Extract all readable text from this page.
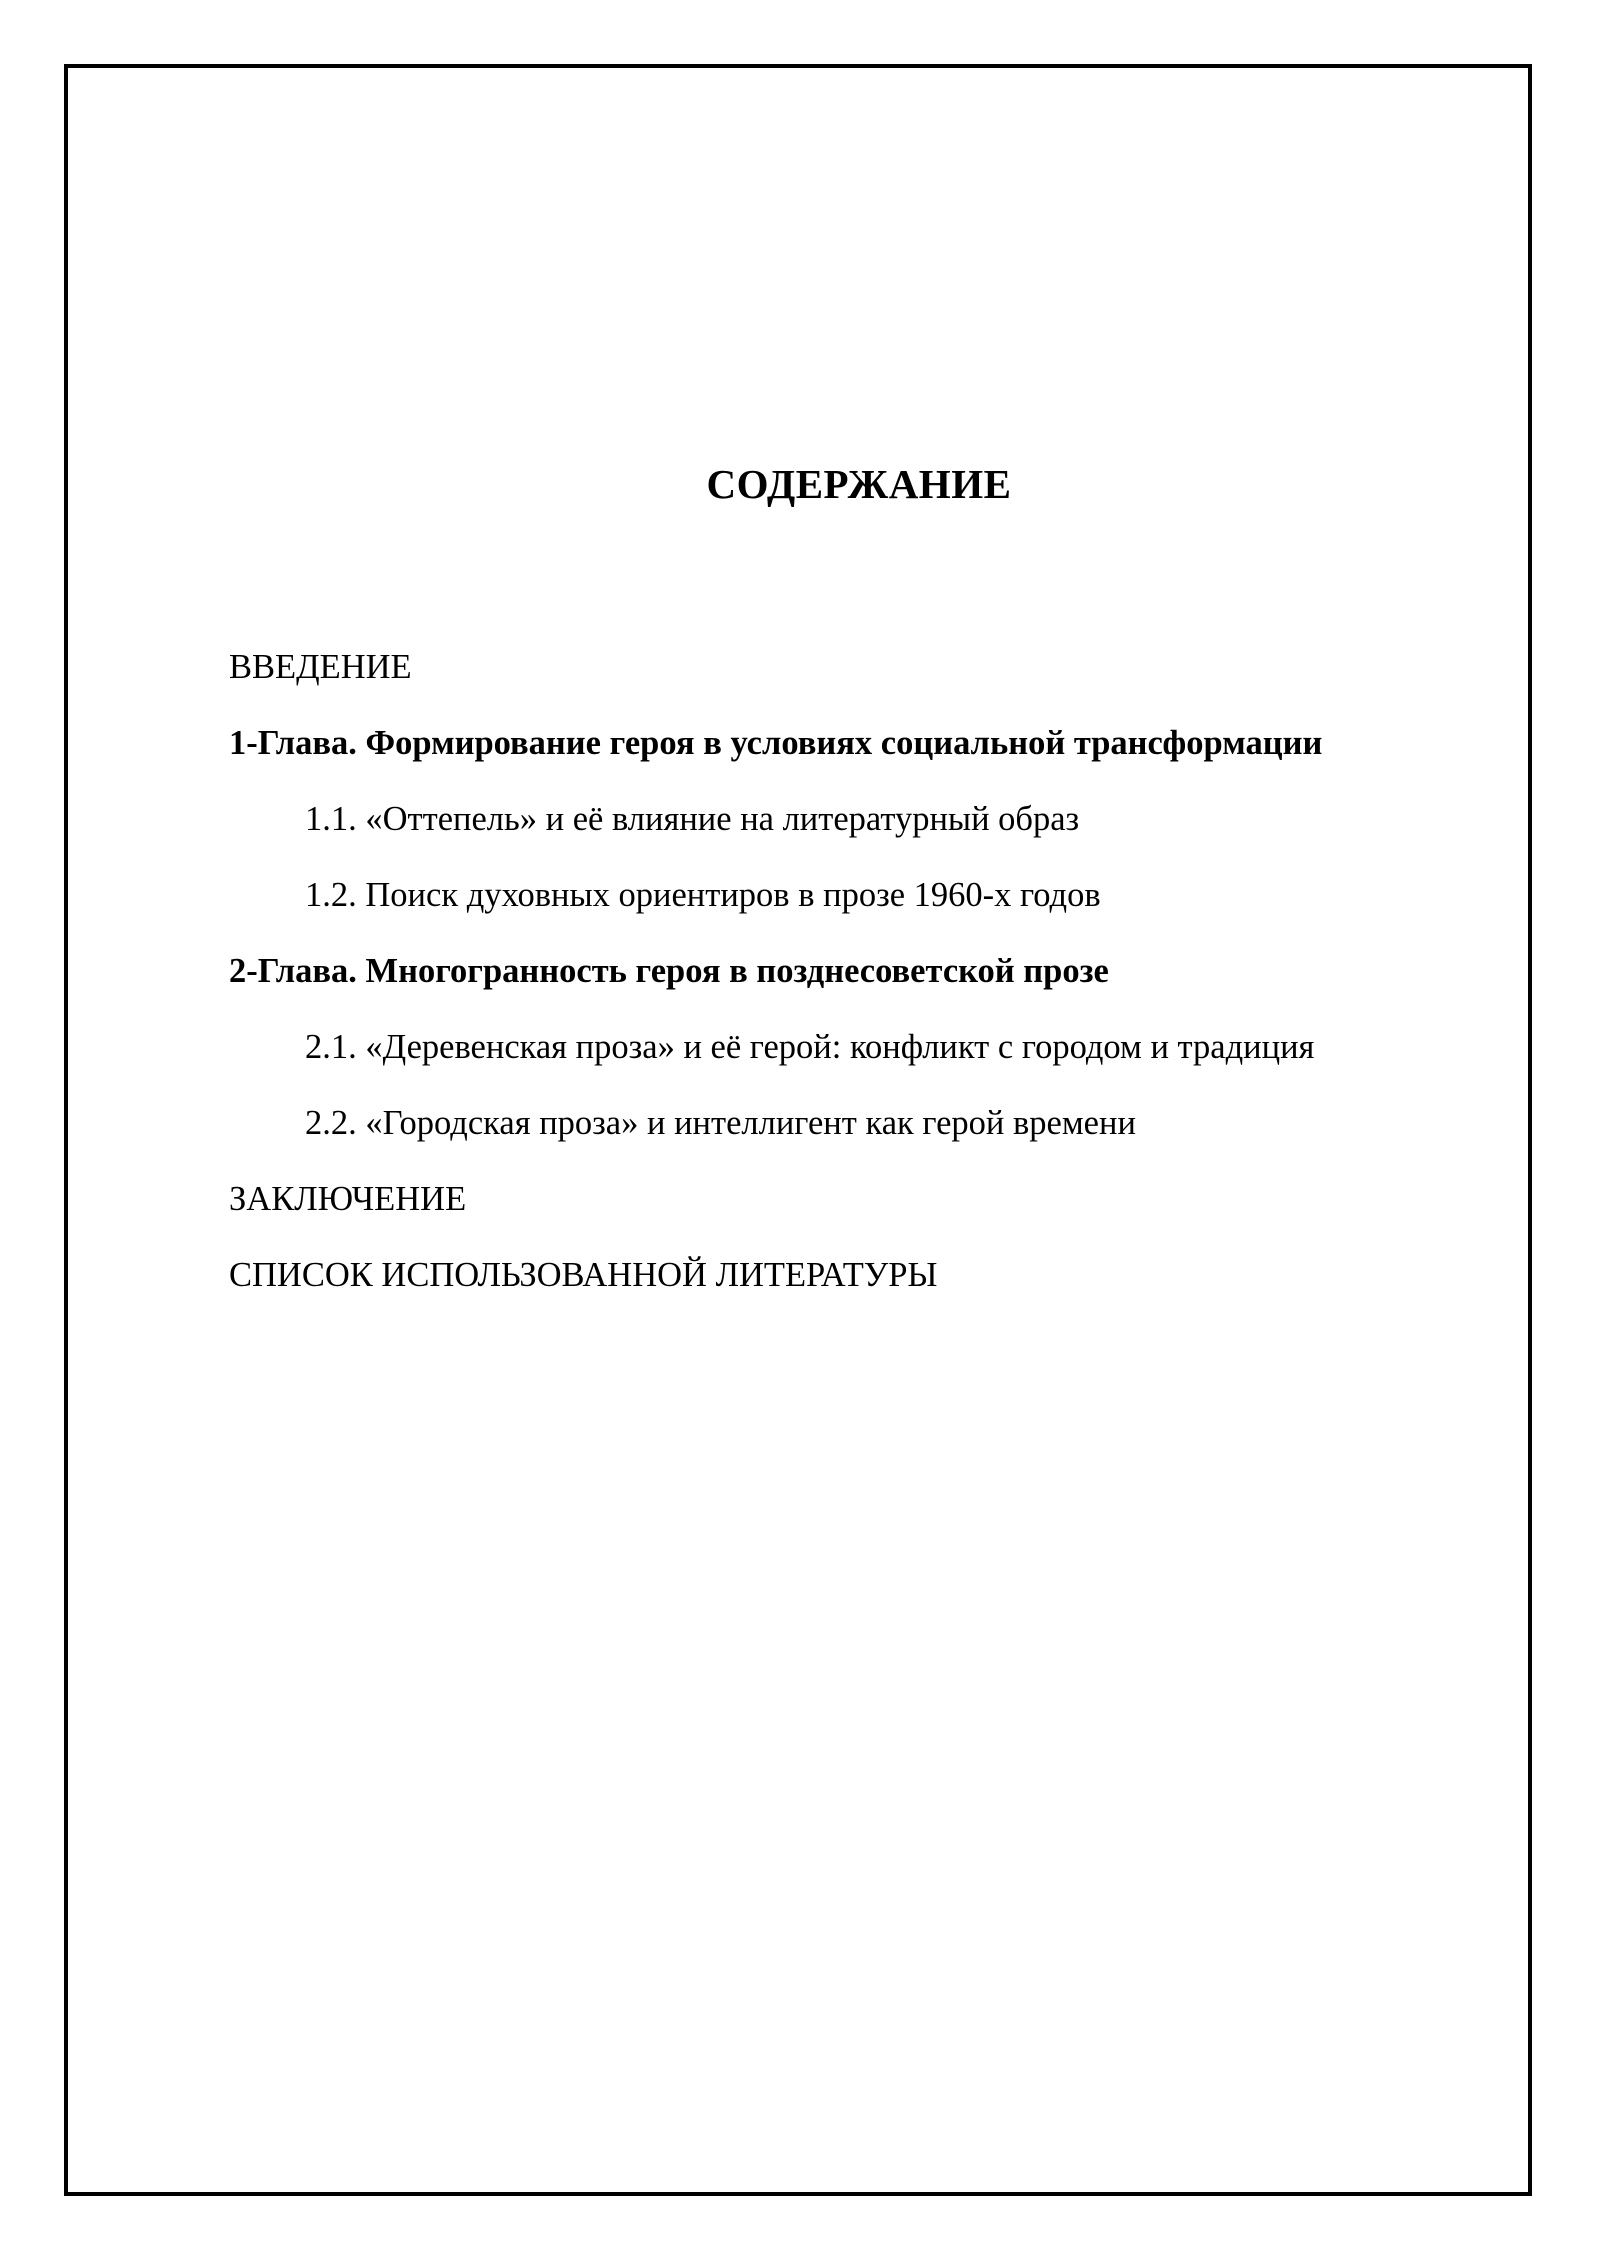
СОДЕРЖАНИЕ
ВВЕДЕНИЕ
1-Глава. Формирование героя в условиях социальной трансформации
1.1. «Оттепель» и её влияние на литературный образ
1.2. Поиск духовных ориентиров в прозе 1960-х годов
2-Глава. Многогранность героя в позднесоветской прозе
2.1. «Деревенская проза» и её герой: конфликт с городом и традиция
2.2. «Городская проза» и интеллигент как герой времени
ЗАКЛЮЧЕНИЕ
СПИСОК ИСПОЛЬЗОВАННОЙ ЛИТЕРАТУРЫ
